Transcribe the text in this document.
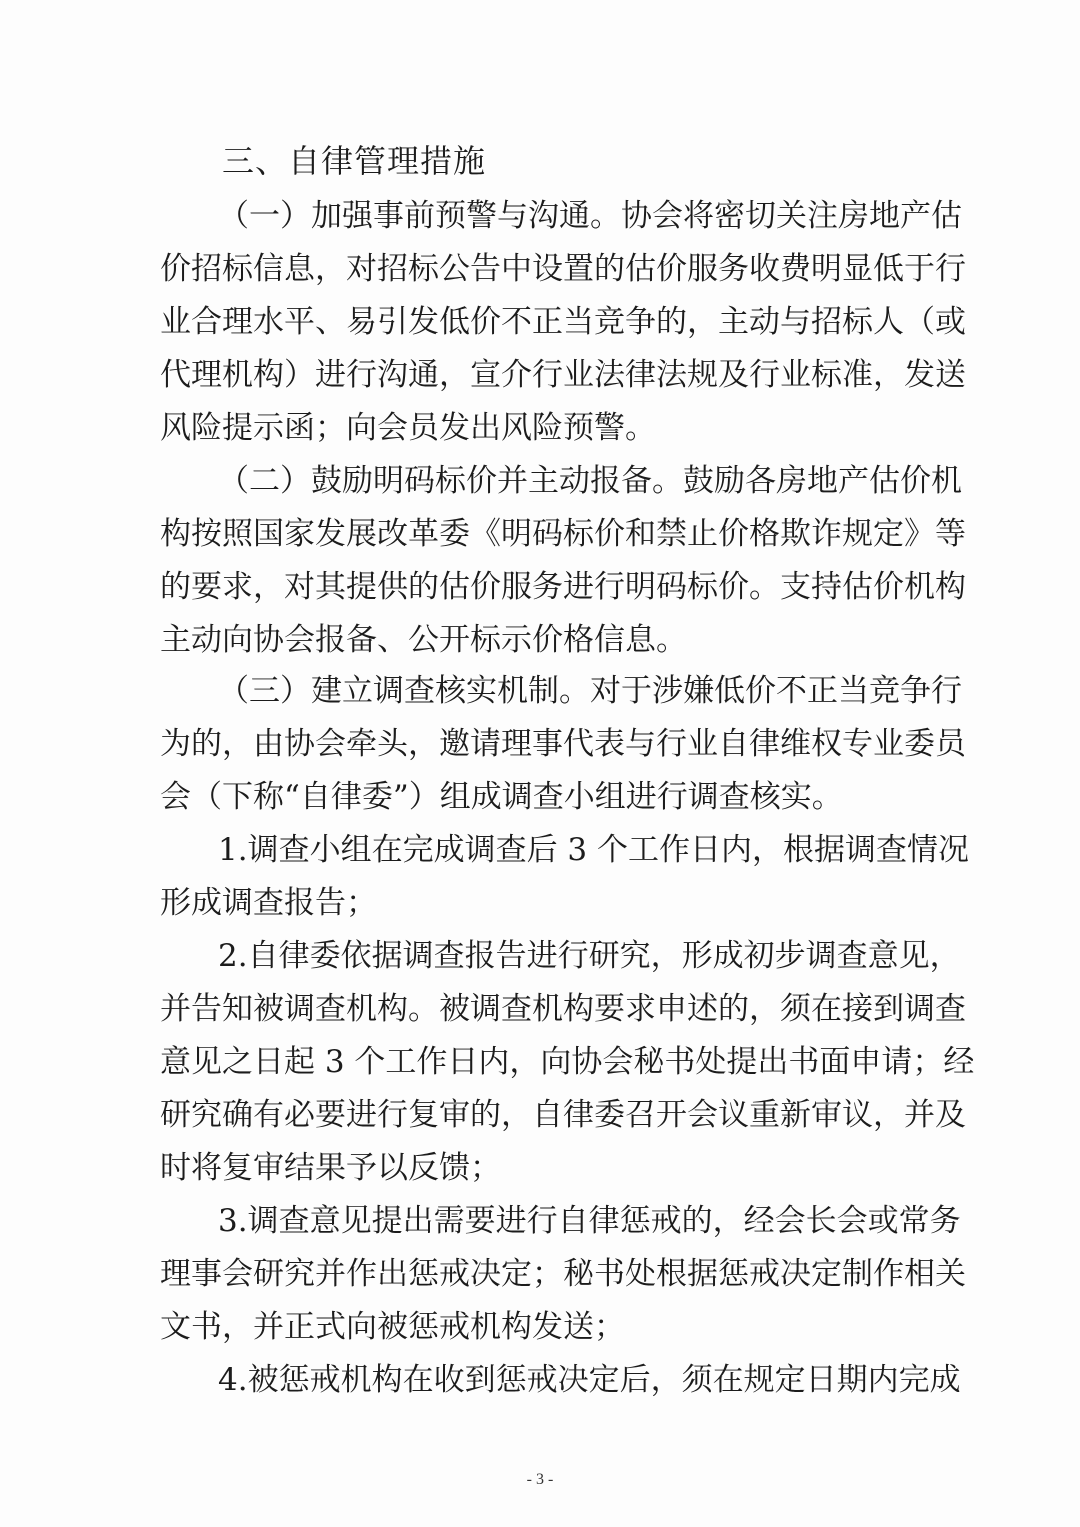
三、自律管理措施
（一）加强事前预警与沟通。协会将密切关注房地产估
价招标信息，对招标公告中设置的估价服务收费明显低于行
业合理水平、易引发低价不正当竞争的，主动与招标人（或
代理机构）进行沟通，宣介行业法律法规及行业标准，发送
风险提示函；向会员发出风险预警。
（二）鼓励明码标价并主动报备。鼓励各房地产估价机
构按照国家发展改革委《明码标价和禁止价格欺诈规定》等
的要求，对其提供的估价服务进行明码标价。支持估价机构
主动向协会报备、公开标示价格信息。
（三）建立调查核实机制。对于涉嫌低价不正当竞争行
为的，由协会牵头，邀请理事代表与行业自律维权专业委员
会（下称“自律委”）组成调查小组进行调查核实。
1.调查小组在完成调查后 3 个工作日内，根据调查情况
形成调查报告；
2.自律委依据调查报告进行研究，形成初步调查意见，
并告知被调查机构。被调查机构要求申述的，须在接到调查
意见之日起 3 个工作日内，向协会秘书处提出书面申请；经
研究确有必要进行复审的，自律委召开会议重新审议，并及
时将复审结果予以反馈；
3.调查意见提出需要进行自律惩戒的，经会长会或常务
理事会研究并作出惩戒决定；秘书处根据惩戒决定制作相关
文书，并正式向被惩戒机构发送；
4.被惩戒机构在收到惩戒决定后，须在规定日期内完成
- 3 -
